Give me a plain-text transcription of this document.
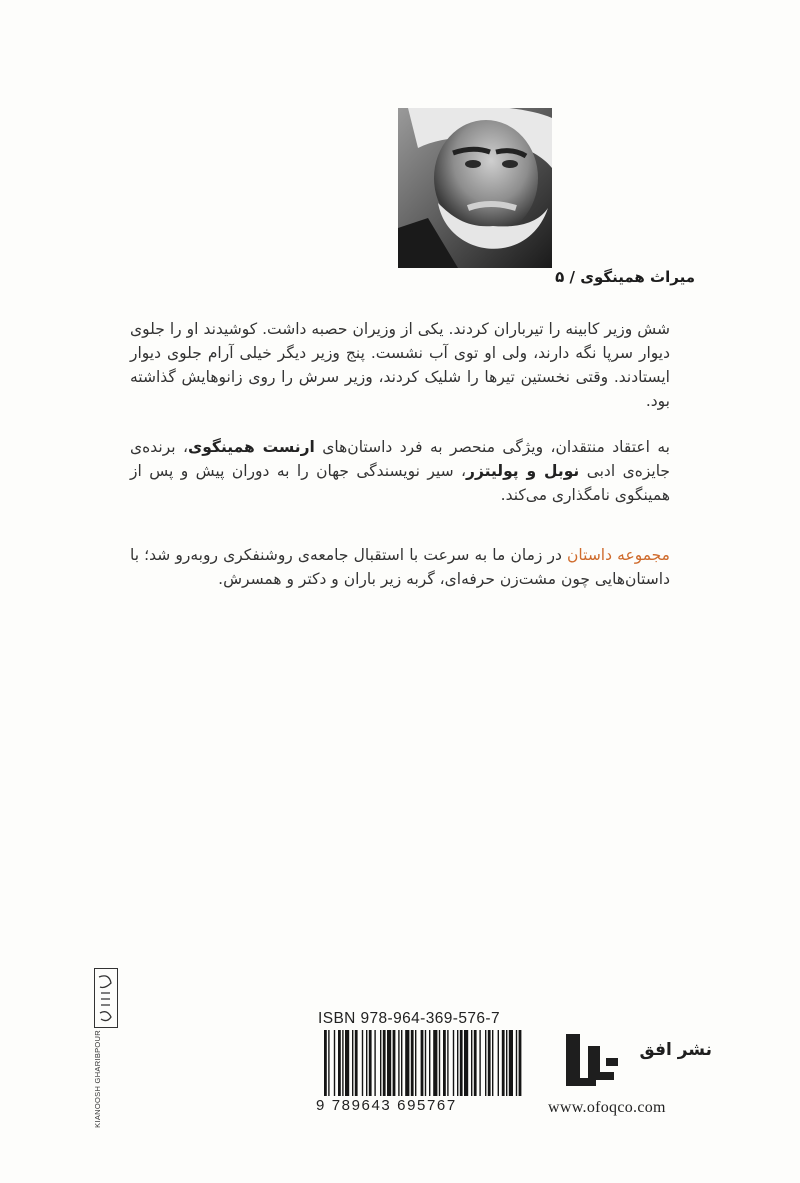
میراث همینگوی / ۵
شش وزیر کابینه را تیرباران کردند. یکی از وزیران حصبه داشت. کوشیدند او را جلوی دیوار سرپا نگه دارند، ولی او توی آب نشست. پنج وزیر دیگر خیلی آرام جلوی دیوار ایستادند. وقتی نخستین تیرها را شلیک کردند، وزیر سرش را روی زانوهایش گذاشته بود.
به اعتقاد منتقدان، ویژگی منحصر به فرد داستان‌های ارنست همینگوی، برنده‌ی جایزه‌ی ادبی نوبل و پولیتزر، سیر نویسندگی جهان را به دوران پیش و پس از همینگوی نامگذاری می‌کند.
مجموعه داستان در زمان ما به سرعت با استقبال جامعه‌ی روشنفکری روبه‌رو شد؛ با داستان‌هایی چون مشت‌زن حرفه‌ای، گربه زیر باران و دکتر و همسرش.
KIANOOSH GHARIBPOUR
ISBN 978-964-369-576-7
9 789643 695767
نشر افق
www.ofoqco.com
